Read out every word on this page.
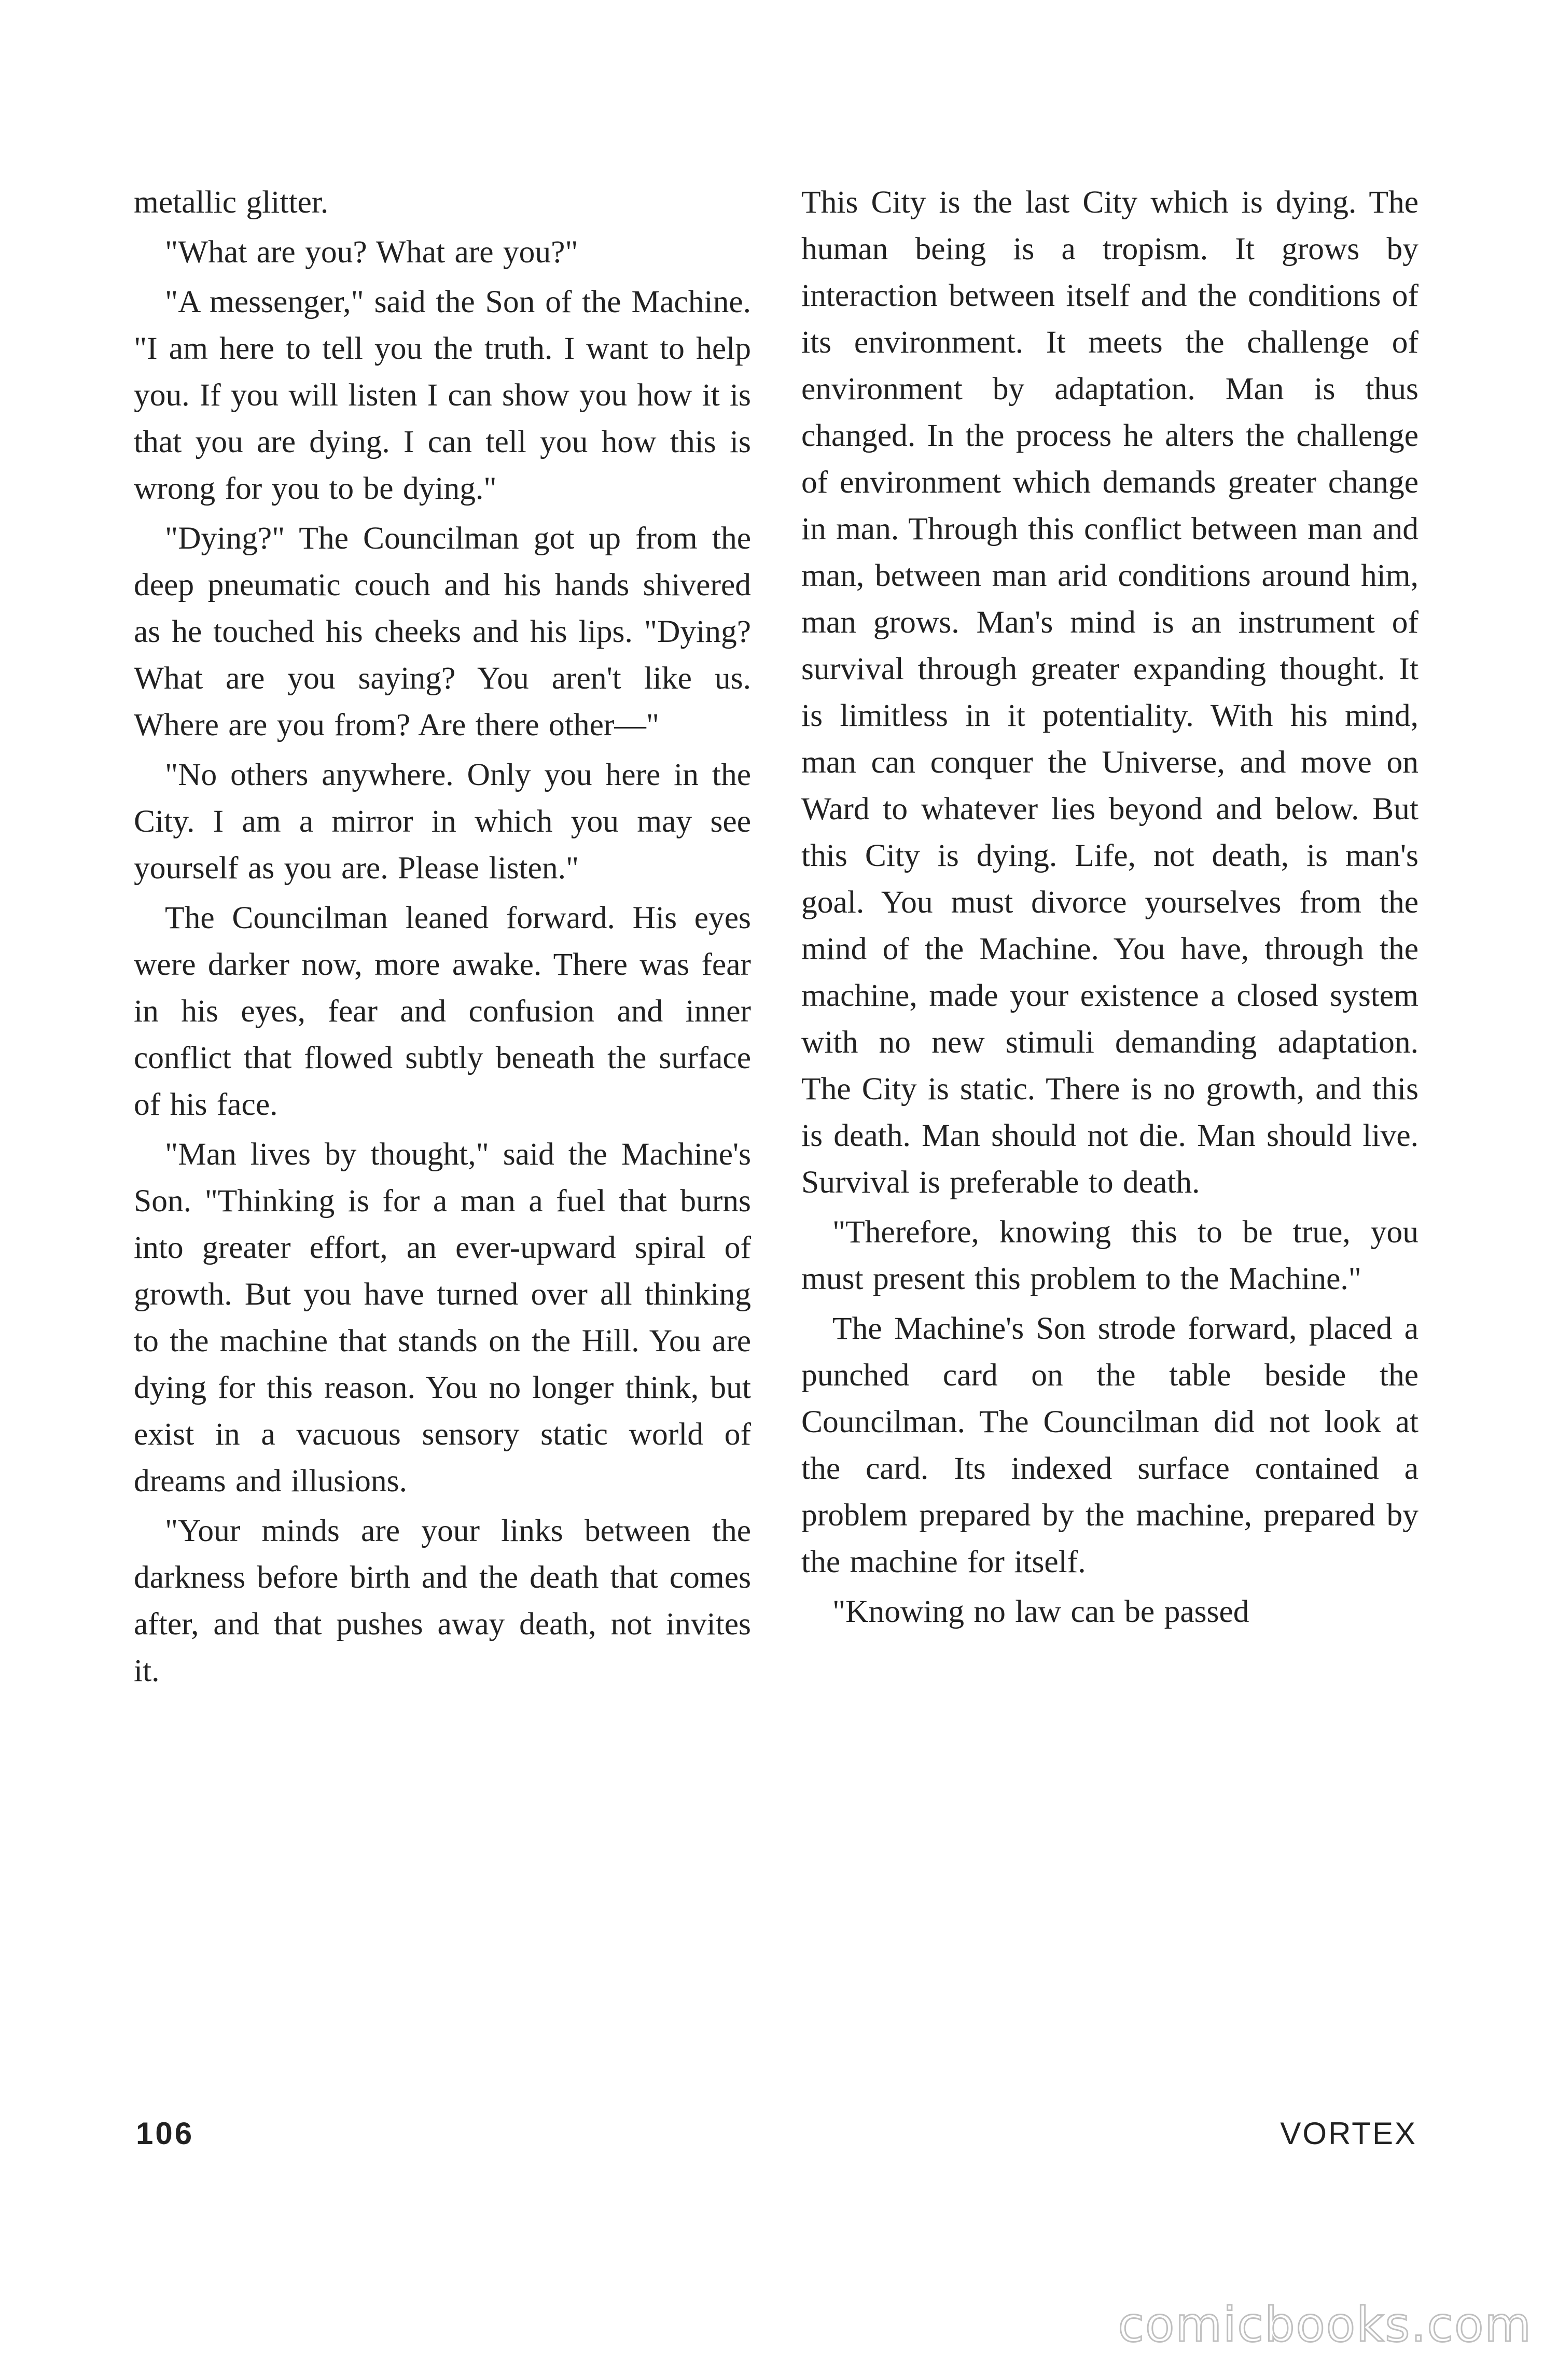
metallic glitter.

"What are you? What are you?"

"A messenger," said the Son of the Machine. "I am here to tell you the truth. I want to help you. If you will listen I can show you how it is that you are dying. I can tell you how this is wrong for you to be dying."

"Dying?" The Councilman got up from the deep pneumatic couch and his hands shivered as he touched his cheeks and his lips. "Dying? What are you saying? You aren't like us. Where are you from? Are there other—"

"No others anywhere. Only you here in the City. I am a mirror in which you may see yourself as you are. Please listen."

The Councilman leaned forward. His eyes were darker now, more awake. There was fear in his eyes, fear and confusion and inner conflict that flowed subtly beneath the surface of his face.

"Man lives by thought," said the Machine's Son. "Thinking is for a man a fuel that burns into greater effort, an ever-upward spiral of growth. But you have turned over all thinking to the machine that stands on the Hill. You are dying for this reason. You no longer think, but exist in a vacuous sensory static world of dreams and illusions.

"Your minds are your links between the darkness before birth and the death that comes after, and that pushes away death, not invites it.

This City is the last City which is dying. The human being is a tropism. It grows by interaction between itself and the conditions of its environment. It meets the challenge of environment by adaptation. Man is thus changed. In the process he alters the challenge of environment which demands greater change in man. Through this conflict between man and man, between man arid conditions around him, man grows. Man's mind is an instrument of survival through greater expanding thought. It is limitless in it potentiality. With his mind, man can conquer the Universe, and move on Ward to whatever lies beyond and below. But this City is dying. Life, not death, is man's goal. You must divorce yourselves from the mind of the Machine. You have, through the machine, made your existence a closed system with no new stimuli demanding adaptation. The City is static. There is no growth, and this is death. Man should not die. Man should live. Survival is preferable to death.

"Therefore, knowing this to be true, you must present this problem to the Machine."

The Machine's Son strode forward, placed a punched card on the table beside the Councilman. The Councilman did not look at the card. Its indexed surface contained a problem prepared by the machine, prepared by the machine for itself.

"Knowing no law can be passed

106	VORTEX
comicbooks.com
